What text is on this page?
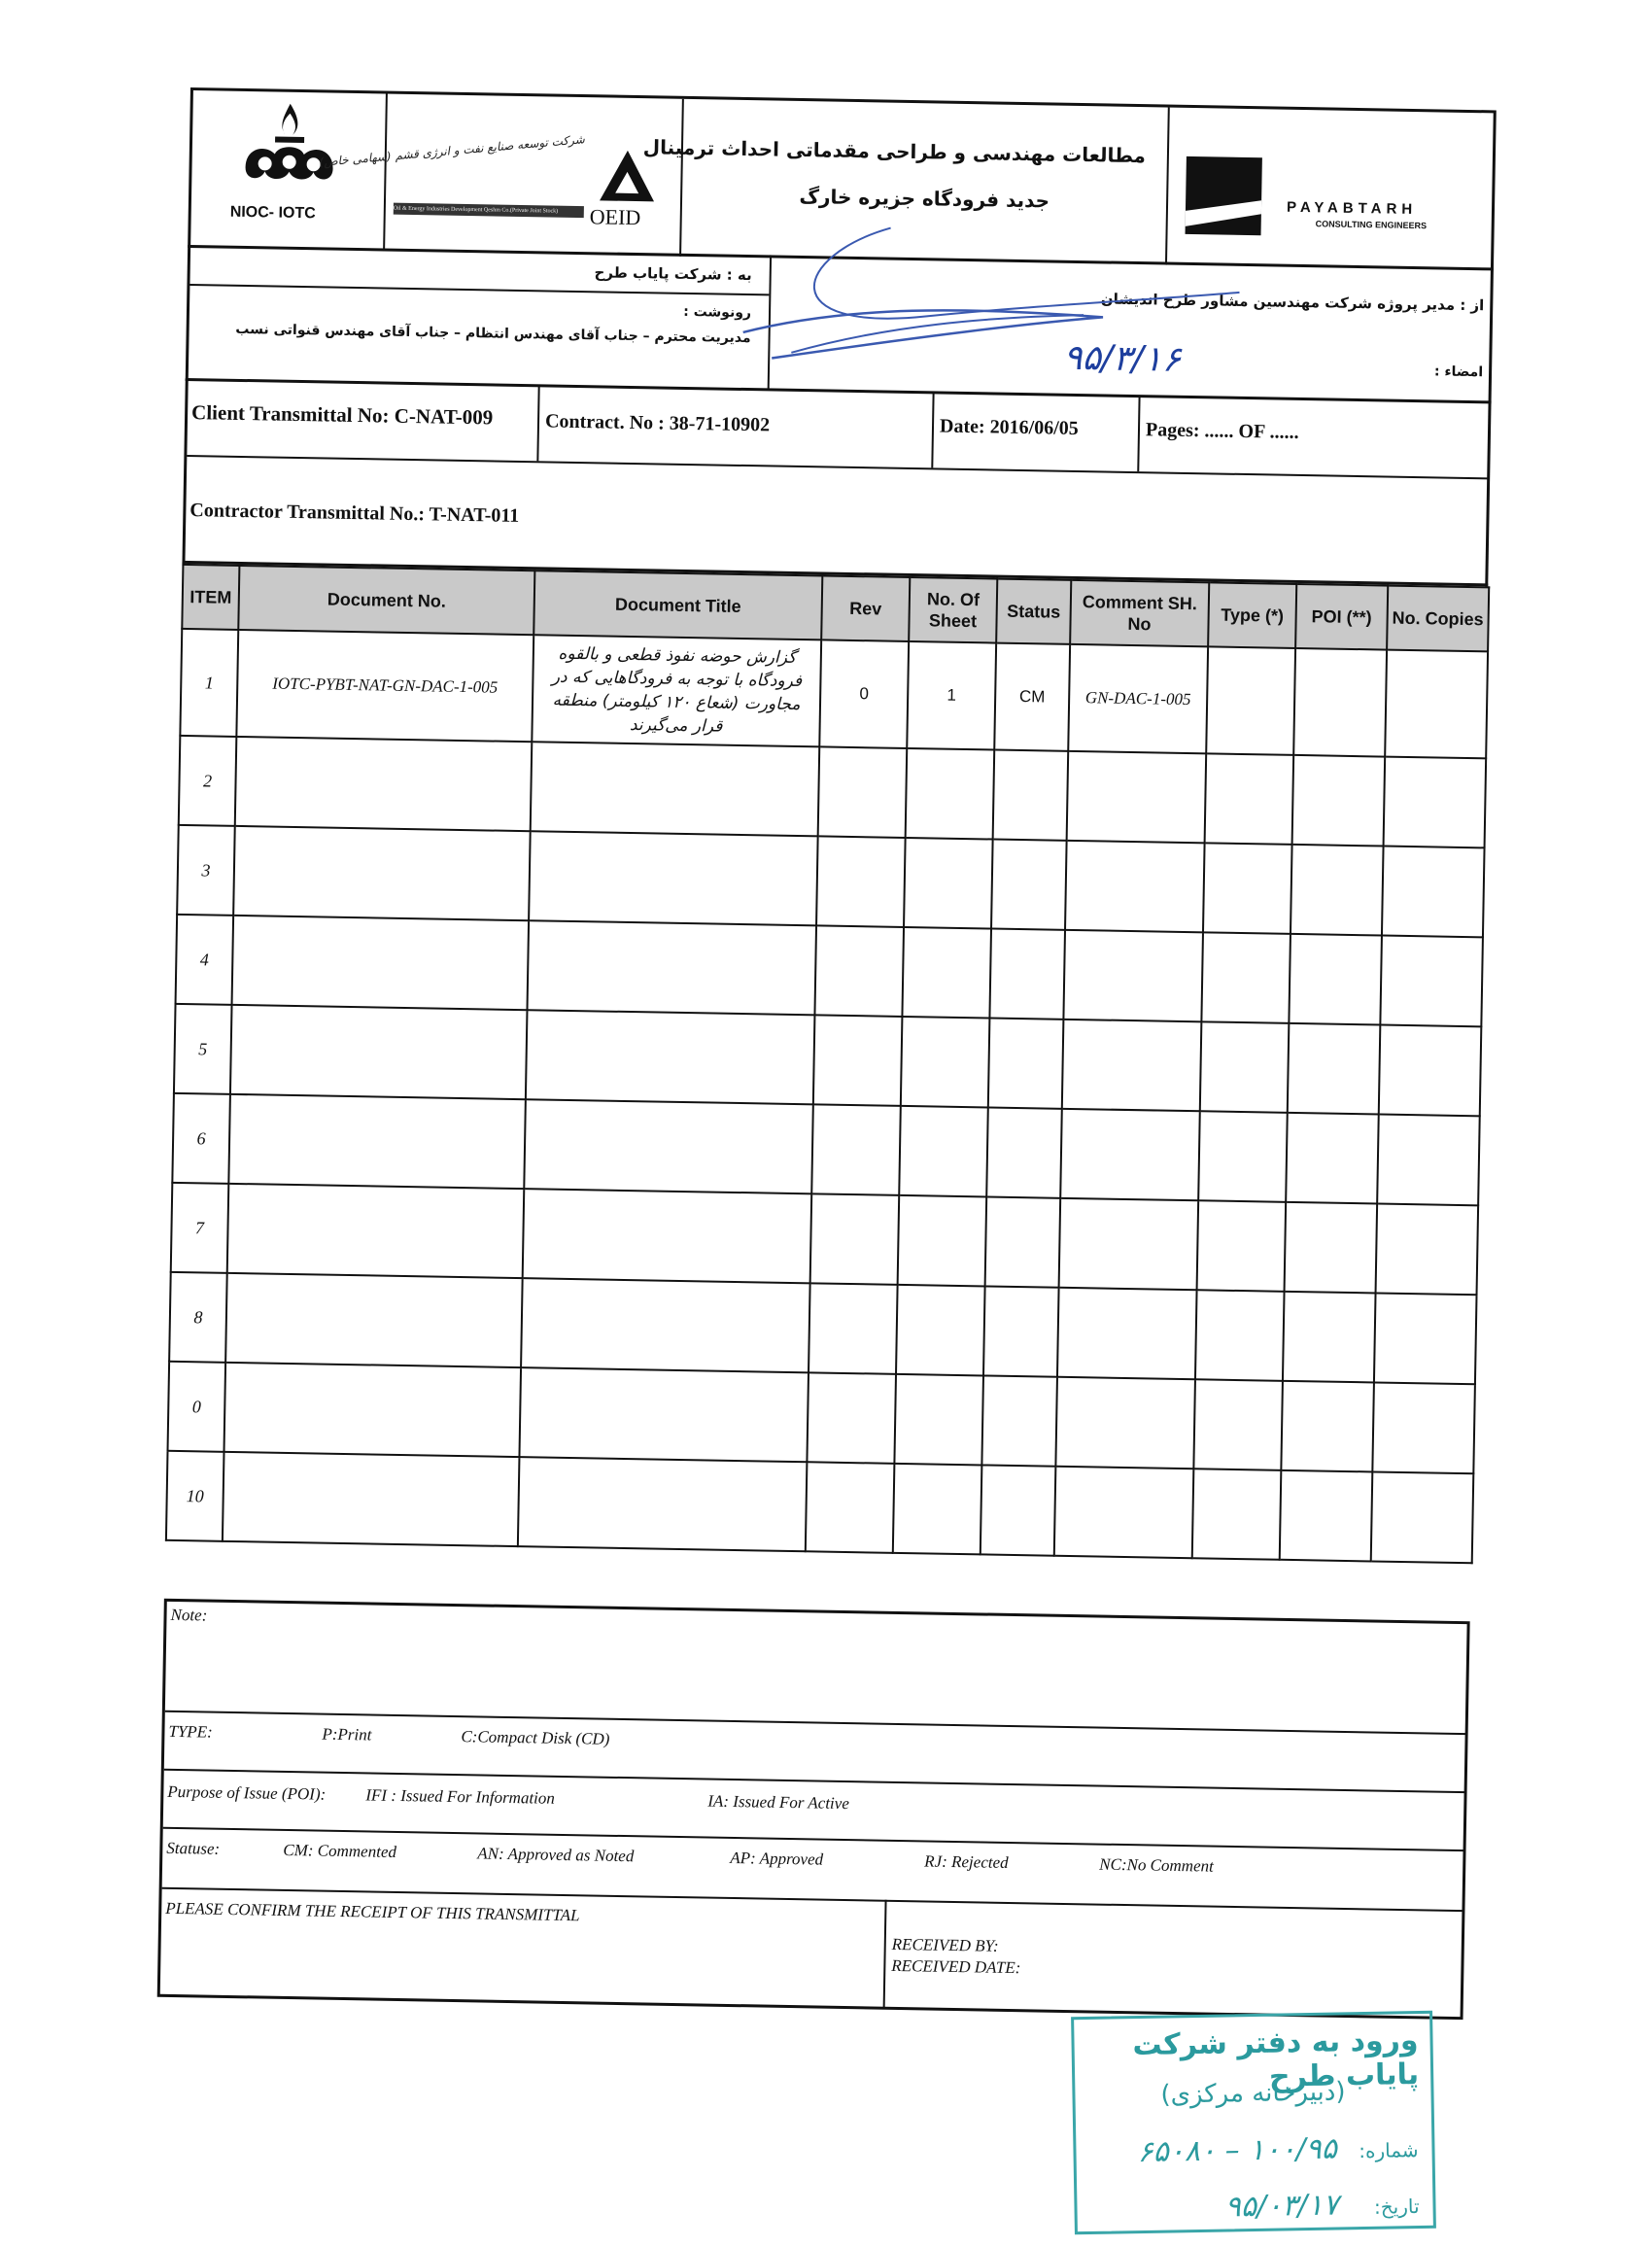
NIOC- IOTC
شرکت توسعه صنایع نفت و انرژی قشم (سهامی خاص)
Oil & Energy Industries Development Qeshm Co.(Private Joint Stock)	OEID
مطالعات مهندسی و طراحی مقدماتی احداث ترمینال
جدید فرودگاه جزیره خارگ	PAYABTARH
CONSULTING ENGINEERS
به : شرکت پایاب طرح
رونوشت :
مدیریت محترم – جناب آقای مهندس انتظام – جناب آقای مهندس قنواتی نسب
از : مدیر پروژه شرکت مهندسین مشاور طرح اندیشان
امضاء :
۹۵/۳/۱۶
Client Transmittal No: C-NAT-009	Contract. No : 38-71-10902	Date: 2016/06/05	Pages: ...... OF ......
Contractor Transmittal No.: T-NAT-011
ITEM	Document No.	Document Title	Rev	No. Of Sheet	Status	Comment SH. No	Type (*)	POI (**)	No. Copies
1	IOTC-PYBT-NAT-GN-DAC-1-005	گزارش حوضه نفوذ قطعی و بالقوه فرودگاه با توجه به فرودگاهایی که در مجاورت (شعاع ۱۲۰ کیلومتر) منطقه قرار می‌گیرند	0	1	CM	GN-DAC-1-005			
2									
3									
4									
5									
6									
7									
8									
0									
10									
Note:
TYPE:	P:Print	C:Compact Disk (CD)
Purpose of Issue (POI): IFI : Issued For Information	IA: Issued For Active
Statuse:	CM: Commented	AN: Approved as Noted	AP: Approved	RJ: Rejected	NC:No Comment
PLEASE CONFIRM THE RECEIPT OF THIS TRANSMITTAL
RECEIVED BY:
RECEIVED DATE:
ورود به دفتر شرکت پایاب طرح
(دبیرخانه مرکزی)
شماره: ۱۰۰/۹۵ – ۶۵۰۸۰
تاریخ: ۹۵/۰۳/۱۷
